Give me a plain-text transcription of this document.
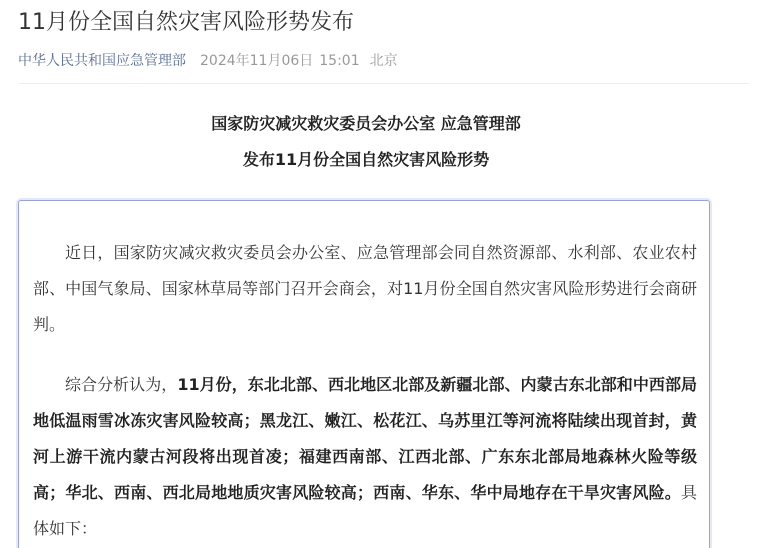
11月份全国自然灾害风险形势发布
中华人民共和国应急管理部 2024年11月06日 15:01 北京
国家防灾减灾救灾委员会办公室 应急管理部
发布11月份全国自然灾害风险形势

近日，国家防灾减灾救灾委员会办公室、应急管理部会同自然资源部、水利部、农业农村部、中国气象局、国家林草局等部门召开会商会，对11月份全国自然灾害风险形势进行会商研判。

综合分析认为，11月份，东北北部、西北地区北部及新疆北部、内蒙古东北部和中西部局地低温雨雪冰冻灾害风险较高；黑龙江、嫩江、松花江、乌苏里江等河流将陆续出现首封，黄河上游干流内蒙古河段将出现首凌；福建西南部、江西北部、广东东北部局地森林火险等级高；华北、西南、西北局地地质灾害风险较高；西南、华东、华中局地存在干旱灾害风险。具体如下：
